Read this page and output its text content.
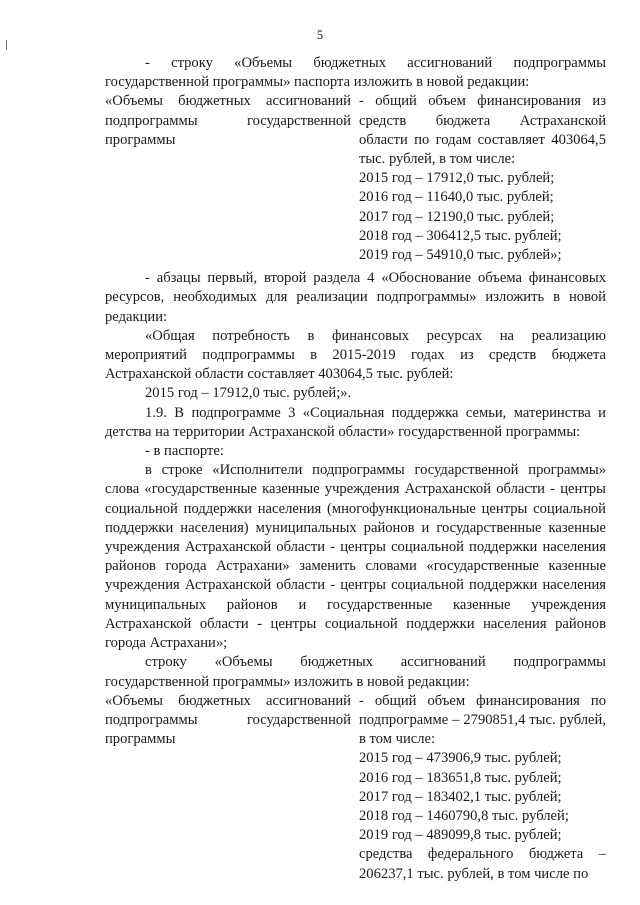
5

- строку «Объемы бюджетных ассигнований подпрограммы государственной программы» паспорта изложить в новой редакции:

«Объемы бюджетных ассигнований подпрограммы государственной программы
- общий объем финансирования из средств бюджета Астраханской области по годам составляет 403064,5 тыс. рублей, в том числе:
2015 год – 17912,0 тыс. рублей;
2016 год – 11640,0 тыс. рублей;
2017 год – 12190,0 тыс. рублей;
2018 год – 306412,5 тыс. рублей;
2019 год – 54910,0 тыс. рублей»;

- абзацы первый, второй раздела 4 «Обоснование объема финансовых ресурсов, необходимых для реализации подпрограммы» изложить в новой редакции:

«Общая потребность в финансовых ресурсах на реализацию мероприятий подпрограммы в 2015-2019 годах из средств бюджета Астраханской области составляет 403064,5 тыс. рублей:

2015 год – 17912,0 тыс. рублей;».

1.9. В подпрограмме 3 «Социальная поддержка семьи, материнства и детства на территории Астраханской области» государственной программы:

- в паспорте:

в строке «Исполнители подпрограммы государственной программы» слова «государственные казенные учреждения Астраханской области - центры социальной поддержки населения (многофункциональные центры социальной поддержки населения) муниципальных районов и государственные казенные учреждения Астраханской области - центры социальной поддержки населения районов города Астрахани» заменить словами «государственные казенные учреждения Астраханской области - центры социальной поддержки населения муниципальных районов и государственные казенные учреждения Астраханской области - центры социальной поддержки населения районов города Астрахани»;

строку «Объемы бюджетных ассигнований подпрограммы государственной программы» изложить в новой редакции:

«Объемы бюджетных ассигнований подпрограммы государственной программы
- общий объем финансирования по подпрограмме – 2790851,4 тыс. рублей, в том числе:
2015 год – 473906,9 тыс. рублей;
2016 год – 183651,8 тыс. рублей;
2017 год – 183402,1 тыс. рублей;
2018 год – 1460790,8 тыс. рублей;
2019 год – 489099,8 тыс. рублей;
средства федерального бюджета – 206237,1 тыс. рублей, в том числе по
